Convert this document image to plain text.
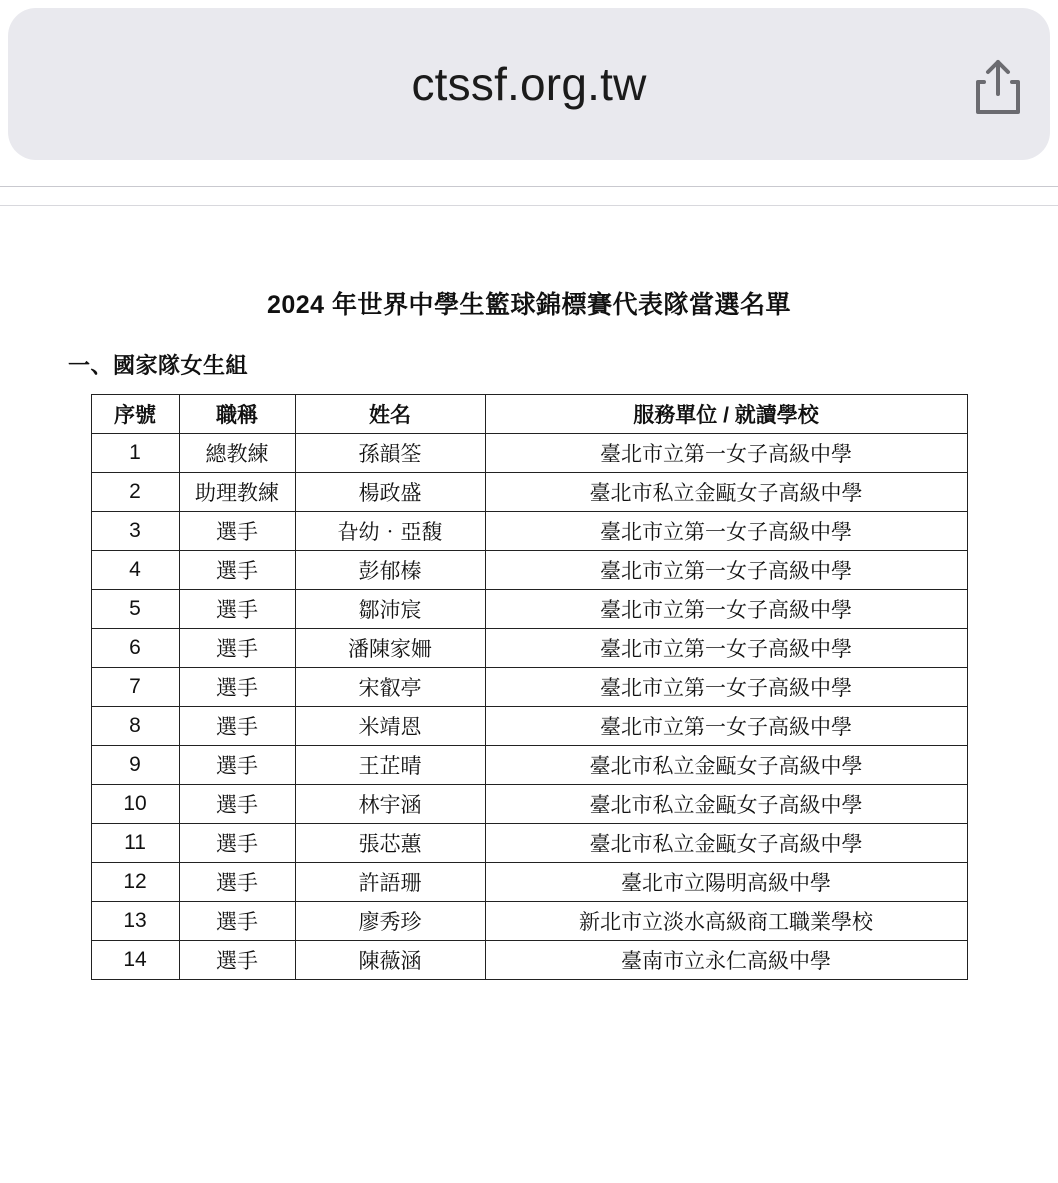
ctssf.org.tw
2024 年世界中學生籃球錦標賽代表隊當選名單
一、國家隊女生組
序號	職稱	姓名	服務單位 / 就讀學校
1	總教練	孫韻筌	臺北市立第一女子高級中學
2	助理教練	楊政盛	臺北市私立金甌女子高級中學
3	選手	旮幼‧亞馥	臺北市立第一女子高級中學
4	選手	彭郁榛	臺北市立第一女子高級中學
5	選手	鄒沛宸	臺北市立第一女子高級中學
6	選手	潘陳家姍	臺北市立第一女子高級中學
7	選手	宋叡亭	臺北市立第一女子高級中學
8	選手	米靖恩	臺北市立第一女子高級中學
9	選手	王芷晴	臺北市私立金甌女子高級中學
10	選手	林宇涵	臺北市私立金甌女子高級中學
11	選手	張芯蕙	臺北市私立金甌女子高級中學
12	選手	許語珊	臺北市立陽明高級中學
13	選手	廖秀珍	新北市立淡水高級商工職業學校
14	選手	陳薇涵	臺南市立永仁高級中學
